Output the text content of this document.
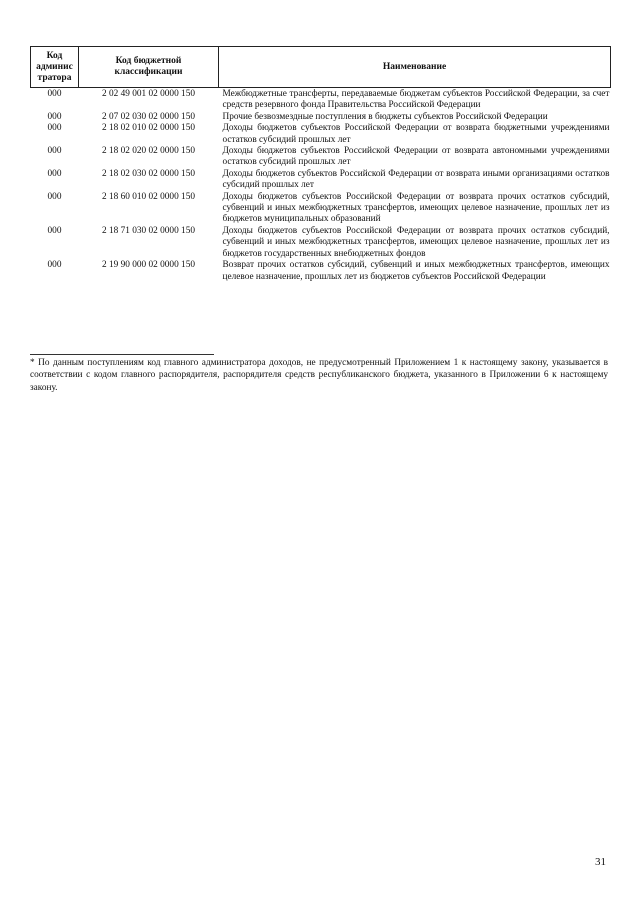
Код админис тратора	Код бюджетной классификации	Наименование
000	2 02 49 001 02 0000 150	Межбюджетные трансферты, передаваемые бюджетам субъектов Российской Федерации, за счет средств резервного фонда Правительства Российской Федерации
000	2 07 02 030 02 0000 150	Прочие безвозмездные поступления в бюджеты субъектов Российской Федерации
000	2 18 02 010 02 0000 150	Доходы бюджетов субъектов Российской Федерации от возврата бюджетными учреждениями остатков субсидий прошлых лет
000	2 18 02 020 02 0000 150	Доходы бюджетов субъектов Российской Федерации от возврата автономными учреждениями остатков субсидий прошлых лет
000	2 18 02 030 02 0000 150	Доходы бюджетов субъектов Российской Федерации от возврата иными организациями остатков субсидий прошлых лет
000	2 18 60 010 02 0000 150	Доходы бюджетов субъектов Российской Федерации от возврата прочих остатков субсидий, субвенций и иных межбюджетных трансфертов, имеющих целевое назначение, прошлых лет из бюджетов муниципальных образований
000	2 18 71 030 02 0000 150	Доходы бюджетов субъектов Российской Федерации от возврата прочих остатков субсидий, субвенций и иных межбюджетных трансфертов, имеющих целевое назначение, прошлых лет из бюджетов государственных внебюджетных фондов
000	2 19 90 000 02 0000 150	Возврат прочих остатков субсидий, субвенций и иных межбюджетных трансфертов, имеющих целевое назначение, прошлых лет из бюджетов субъектов Российской Федерации
* По данным поступлениям код главного администратора доходов, не предусмотренный Приложением 1 к настоящему закону, указывается в соответствии с кодом главного распорядителя, распорядителя средств республиканского бюджета, указанного в Приложении 6 к настоящему закону.
31
